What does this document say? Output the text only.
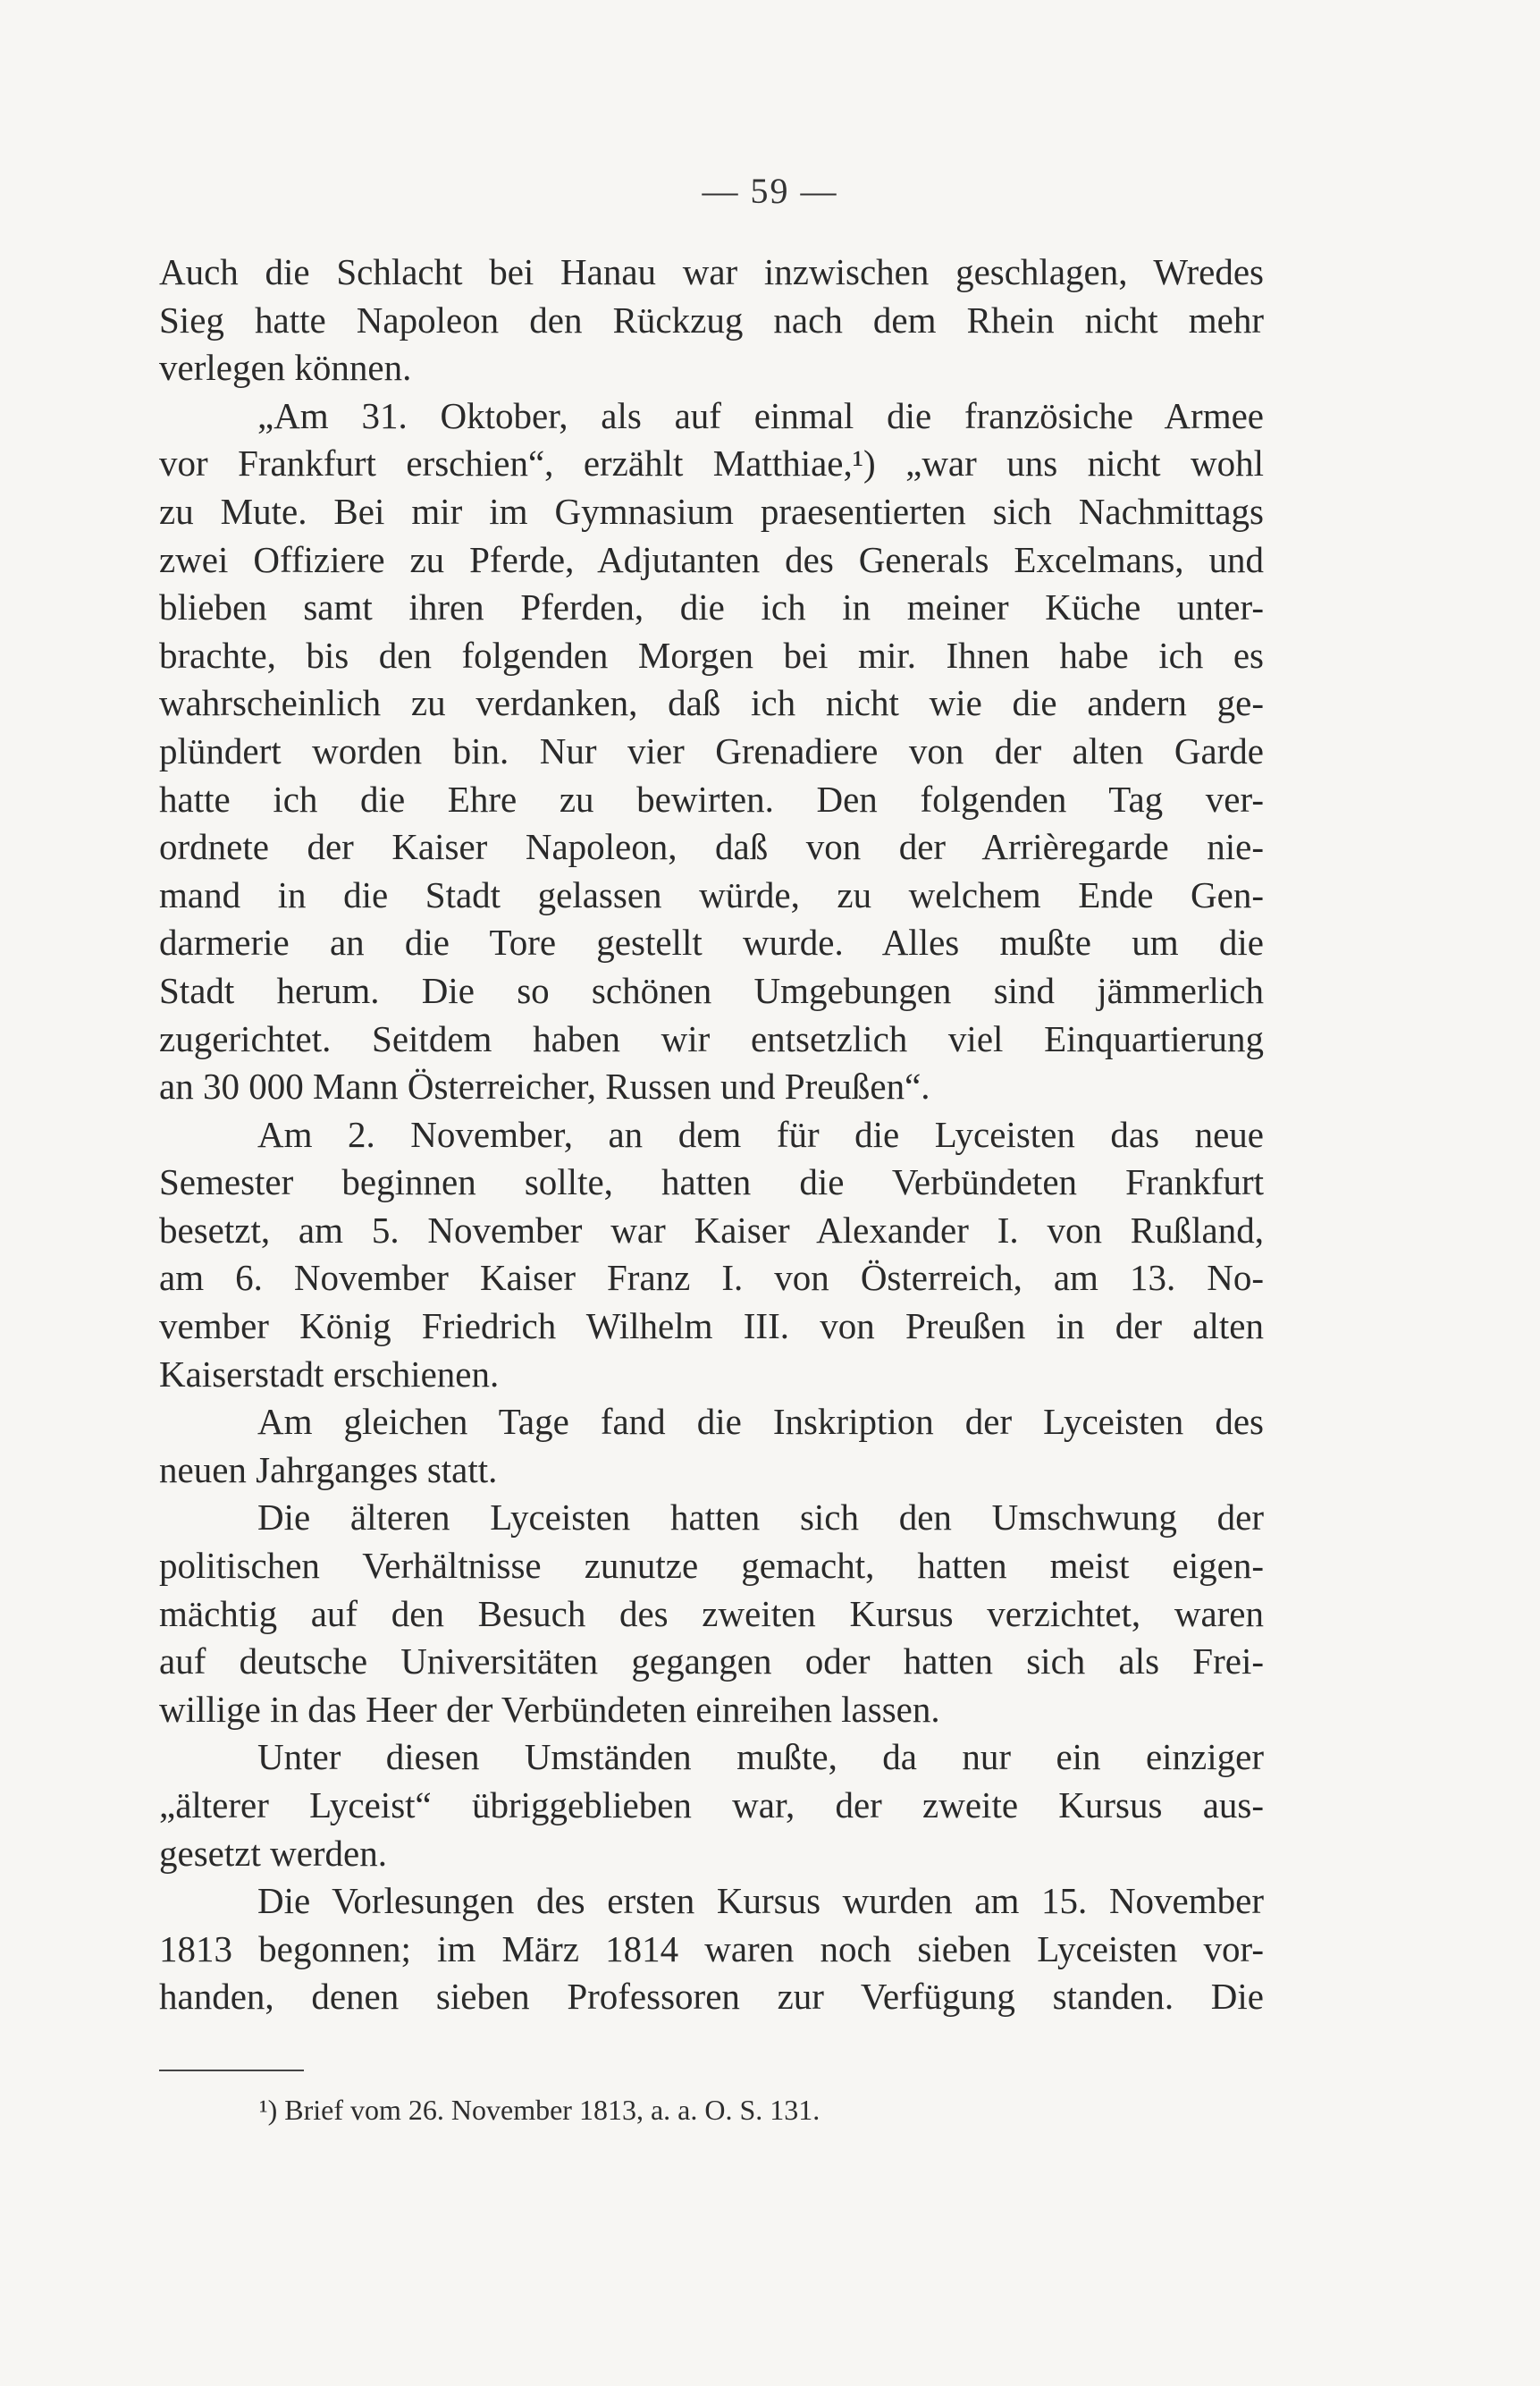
— 59 —
Auch die Schlacht bei Hanau war inzwischen geschlagen, Wredes
Sieg hatte Napoleon den Rückzug nach dem Rhein nicht mehr
verlegen können.
„Am 31. Oktober, als auf einmal die französiche Armee
vor Frankfurt erschien“, erzählt Matthiae,¹) „war uns nicht wohl
zu Mute. Bei mir im Gymnasium praesentierten sich Nachmittags
zwei Offiziere zu Pferde, Adjutanten des Generals Excelmans, und
blieben samt ihren Pferden, die ich in meiner Küche unter-
brachte, bis den folgenden Morgen bei mir. Ihnen habe ich es
wahrscheinlich zu verdanken, daß ich nicht wie die andern ge-
plündert worden bin. Nur vier Grenadiere von der alten Garde
hatte ich die Ehre zu bewirten. Den folgenden Tag ver-
ordnete der Kaiser Napoleon, daß von der Arrièregarde nie-
mand in die Stadt gelassen würde, zu welchem Ende Gen-
darmerie an die Tore gestellt wurde. Alles mußte um die
Stadt herum. Die so schönen Umgebungen sind jämmerlich
zugerichtet. Seitdem haben wir entsetzlich viel Einquartierung
an 30 000 Mann Österreicher, Russen und Preußen“.
Am 2. November, an dem für die Lyceisten das neue
Semester beginnen sollte, hatten die Verbündeten Frankfurt
besetzt, am 5. November war Kaiser Alexander I. von Rußland,
am 6. November Kaiser Franz I. von Österreich, am 13. No-
vember König Friedrich Wilhelm III. von Preußen in der alten
Kaiserstadt erschienen.
Am gleichen Tage fand die Inskription der Lyceisten des
neuen Jahrganges statt.
Die älteren Lyceisten hatten sich den Umschwung der
politischen Verhältnisse zunutze gemacht, hatten meist eigen-
mächtig auf den Besuch des zweiten Kursus verzichtet, waren
auf deutsche Universitäten gegangen oder hatten sich als Frei-
willige in das Heer der Verbündeten einreihen lassen.
Unter diesen Umständen mußte, da nur ein einziger
„älterer Lyceist“ übriggeblieben war, der zweite Kursus aus-
gesetzt werden.
Die Vorlesungen des ersten Kursus wurden am 15. November
1813 begonnen; im März 1814 waren noch sieben Lyceisten vor-
handen, denen sieben Professoren zur Verfügung standen. Die
¹) Brief vom 26. November 1813, a. a. O. S. 131.
